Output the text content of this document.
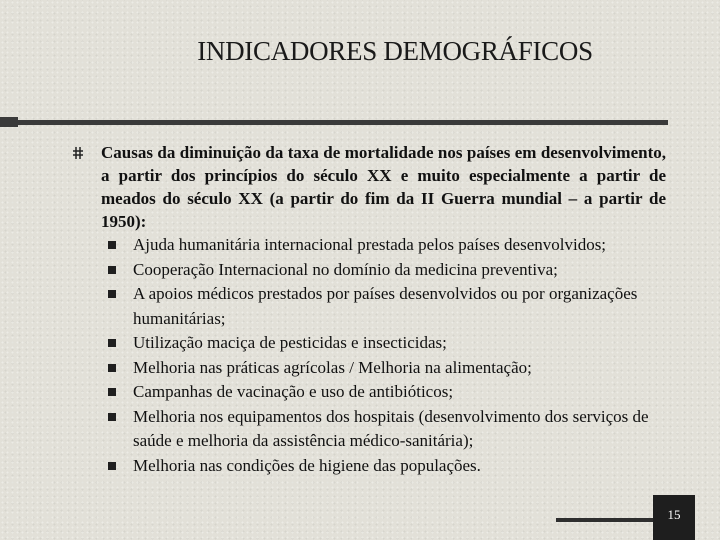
INDICADORES DEMOGRÁFICOS

Causas da diminuição da taxa de mortalidade nos países em desenvolvimento, a partir dos princípios do século XX e muito especialmente a partir de meados do século XX (a partir do fim da II Guerra mundial – a partir de 1950):

Ajuda humanitária internacional prestada pelos países desenvolvidos;
Cooperação Internacional no domínio da medicina preventiva;
A apoios médicos prestados por países desenvolvidos ou por organizações humanitárias;
Utilização maciça de pesticidas e insecticidas;
Melhoria nas práticas agrícolas / Melhoria na alimentação;
Campanhas de vacinação e uso de antibióticos;
Melhoria nos equipamentos dos hospitais (desenvolvimento dos serviços de saúde e melhoria da assistência médico-sanitária);
Melhoria nas condições de higiene das populações.
15
